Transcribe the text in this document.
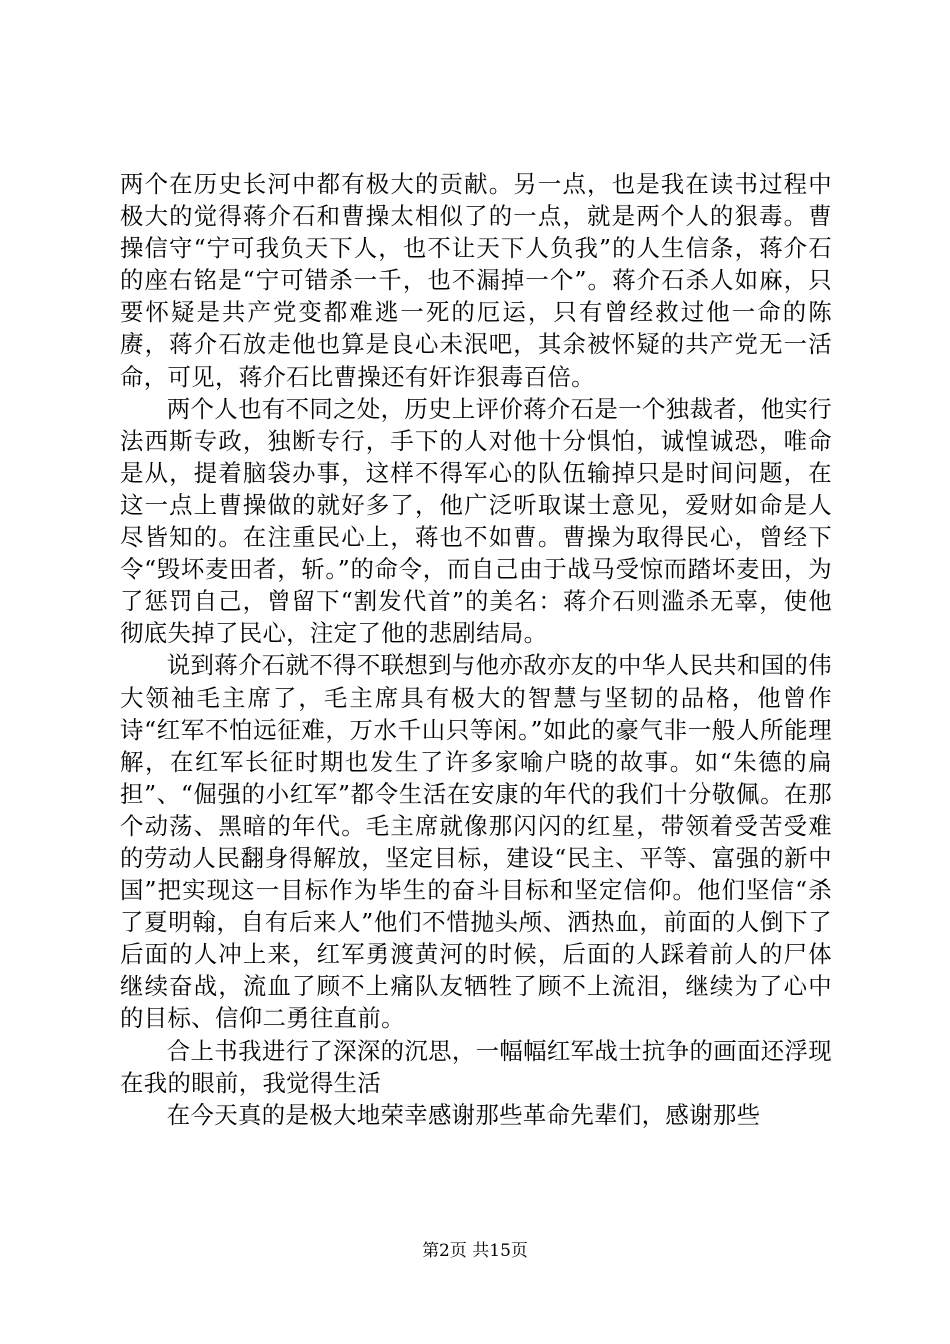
两个在历史长河中都有极大的贡献。另一点，也是我在读书过程中极大的觉得蒋介石和曹操太相似了的一点，就是两个人的狠毒。曹操信守“宁可我负天下人，也不让天下人负我”的人生信条，蒋介石的座右铭是“宁可错杀一千，也不漏掉一个”。蒋介石杀人如麻，只要怀疑是共产党变都难逃一死的厄运，只有曾经救过他一命的陈赓，蒋介石放走他也算是良心未泯吧，其余被怀疑的共产党无一活命，可见，蒋介石比曹操还有奸诈狠毒百倍。

两个人也有不同之处，历史上评价蒋介石是一个独裁者，他实行法西斯专政，独断专行，手下的人对他十分惧怕，诚惶诚恐，唯命是从，提着脑袋办事，这样不得军心的队伍输掉只是时间问题，在这一点上曹操做的就好多了，他广泛听取谋士意见，爱财如命是人尽皆知的。在注重民心上，蒋也不如曹。曹操为取得民心，曾经下令“毁坏麦田者，斩。”的命令，而自己由于战马受惊而踏坏麦田，为了惩罚自己，曾留下“割发代首”的美名：蒋介石则滥杀无辜，使他彻底失掉了民心，注定了他的悲剧结局。

说到蒋介石就不得不联想到与他亦敌亦友的中华人民共和国的伟大领袖毛主席了，毛主席具有极大的智慧与坚韧的品格，他曾作诗“红军不怕远征难，万水千山只等闲。”如此的豪气非一般人所能理解，在红军长征时期也发生了许多家喻户晓的故事。如“朱德的扁担”、“倔强的小红军”都令生活在安康的年代的我们十分敬佩。在那个动荡、黑暗的年代。毛主席就像那闪闪的红星，带领着受苦受难的劳动人民翻身得解放，坚定目标，建设“民主、平等、富强的新中国”把实现这一目标作为毕生的奋斗目标和坚定信仰。他们坚信“杀了夏明翰，自有后来人”他们不惜抛头颅、洒热血，前面的人倒下了后面的人冲上来，红军勇渡黄河的时候，后面的人踩着前人的尸体继续奋战，流血了顾不上痛队友牺牲了顾不上流泪，继续为了心中的目标、信仰二勇往直前。

合上书我进行了深深的沉思，一幅幅红军战士抗争的画面还浮现在我的眼前，我觉得生活

在今天真的是极大地荣幸感谢那些革命先辈们，感谢那些

第2页 共15页
